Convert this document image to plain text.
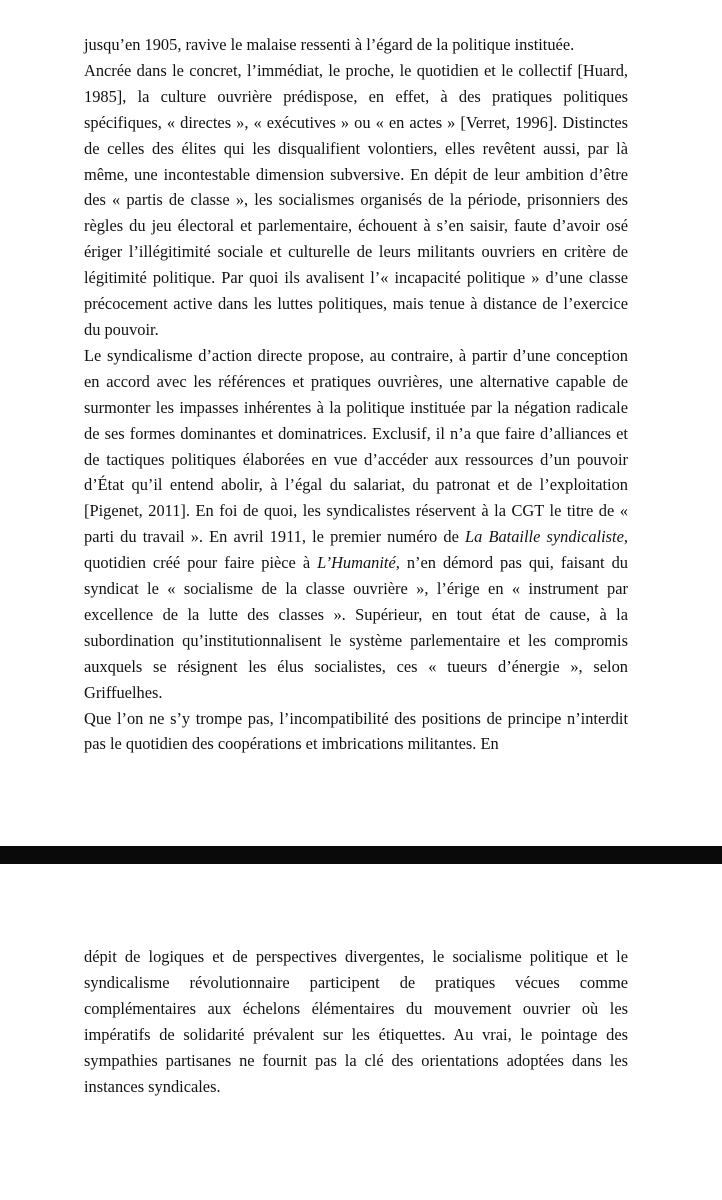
jusqu’en 1905, ravive le malaise ressenti à l’égard de la politique instituée.

Ancrée dans le concret, l’immédiat, le proche, le quotidien et le collectif [Huard, 1985], la culture ouvrière prédispose, en effet, à des pratiques politiques spécifiques, « directes », « exécutives » ou « en actes » [Verret, 1996]. Distinctes de celles des élites qui les disqualifient volontiers, elles revêtent aussi, par là même, une incontestable dimension subversive. En dépit de leur ambition d’être des « partis de classe », les socialismes organisés de la période, prisonniers des règles du jeu électoral et parlementaire, échouent à s’en saisir, faute d’avoir osé ériger l’illégitimité sociale et culturelle de leurs militants ouvriers en critère de légitimité politique. Par quoi ils avalisent l’« incapacité politique » d’une classe précocement active dans les luttes politiques, mais tenue à distance de l’exercice du pouvoir.

Le syndicalisme d’action directe propose, au contraire, à partir d’une conception en accord avec les références et pratiques ouvrières, une alternative capable de surmonter les impasses inhérentes à la politique instituée par la négation radicale de ses formes dominantes et dominatrices. Exclusif, il n’a que faire d’alliances et de tactiques politiques élaborées en vue d’accéder aux ressources d’un pouvoir d’État qu’il entend abolir, à l’égal du salariat, du patronat et de l’exploitation [Pigenet, 2011]. En foi de quoi, les syndicalistes réservent à la CGT le titre de « parti du travail ». En avril 1911, le premier numéro de La Bataille syndicaliste, quotidien créé pour faire pièce à L’Humanité, n’en démord pas qui, faisant du syndicat le « socialisme de la classe ouvrière », l’érige en « instrument par excellence de la lutte des classes ». Supérieur, en tout état de cause, à la subordination qu’institutionnalisent le système parlementaire et les compromis auxquels se résignent les élus socialistes, ces « tueurs d’énergie », selon Griffuelhes.

Que l’on ne s’y trompe pas, l’incompatibilité des positions de principe n’interdit pas le quotidien des coopérations et imbrications militantes. En

dépit de logiques et de perspectives divergentes, le socialisme politique et le syndicalisme révolutionnaire participent de pratiques vécues comme complémentaires aux échelons élémentaires du mouvement ouvrier où les impératifs de solidarité prévalent sur les étiquettes. Au vrai, le pointage des sympathies partisanes ne fournit pas la clé des orientations adoptées dans les instances syndicales.
